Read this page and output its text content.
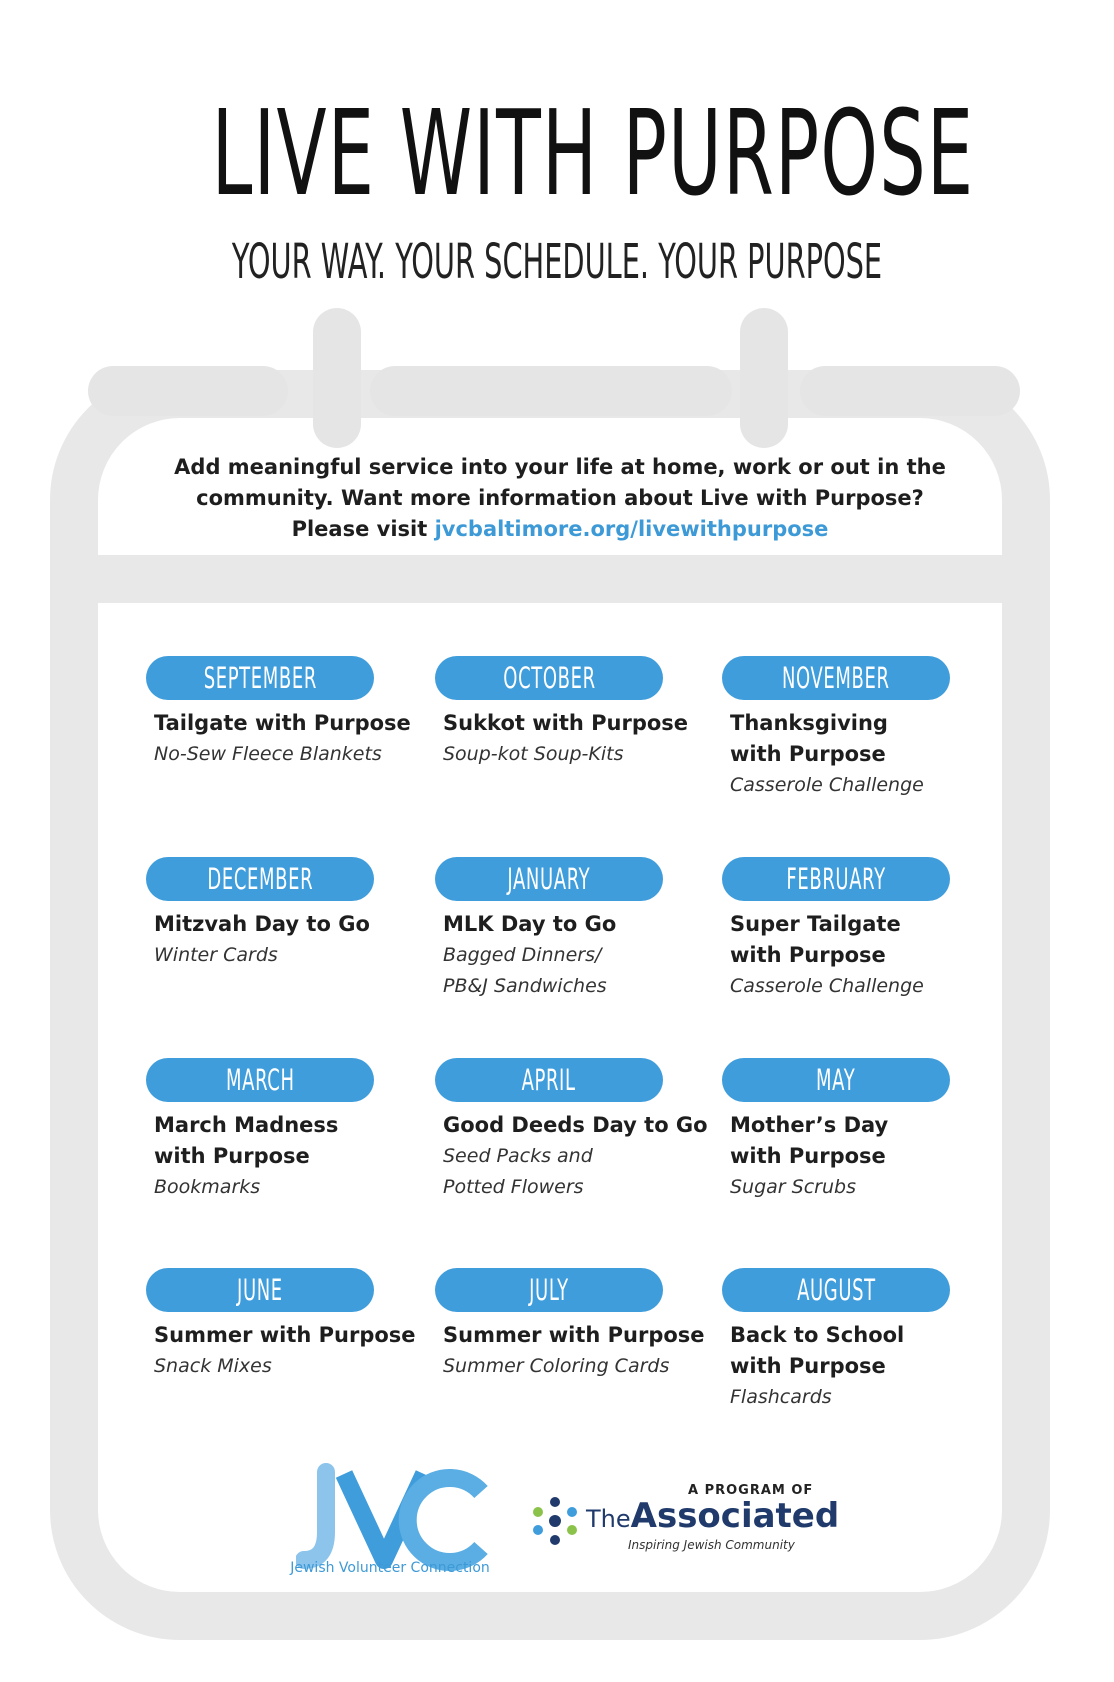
LIVE WITH PURPOSE
YOUR WAY. YOUR SCHEDULE. YOUR PURPOSE
Add meaningful service into your life at home, work or out in the
community. Want more information about Live with Purpose?
Please visit jvcbaltimore.org/livewithpurpose
SEPTEMBER
Tailgate with Purpose
No-Sew Fleece Blankets
OCTOBER
Sukkot with Purpose
Soup-kot Soup-Kits
NOVEMBER
Thanksgiving
with Purpose
Casserole Challenge
DECEMBER
Mitzvah Day to Go
Winter Cards
JANUARY
MLK Day to Go
Bagged Dinners/
PB&J Sandwiches
FEBRUARY
Super Tailgate
with Purpose
Casserole Challenge
MARCH
March Madness
with Purpose
Bookmarks
APRIL
Good Deeds Day to Go
Seed Packs and
Potted Flowers
MAY
Mother’s Day
with Purpose
Sugar Scrubs
JUNE
Summer with Purpose
Snack Mixes
JULY
Summer with Purpose
Summer Coloring Cards
AUGUST
Back to School
with Purpose
Flashcards
Jewish Volunteer Connection
A PROGRAM OF
TheAssociated
Inspiring Jewish Community
